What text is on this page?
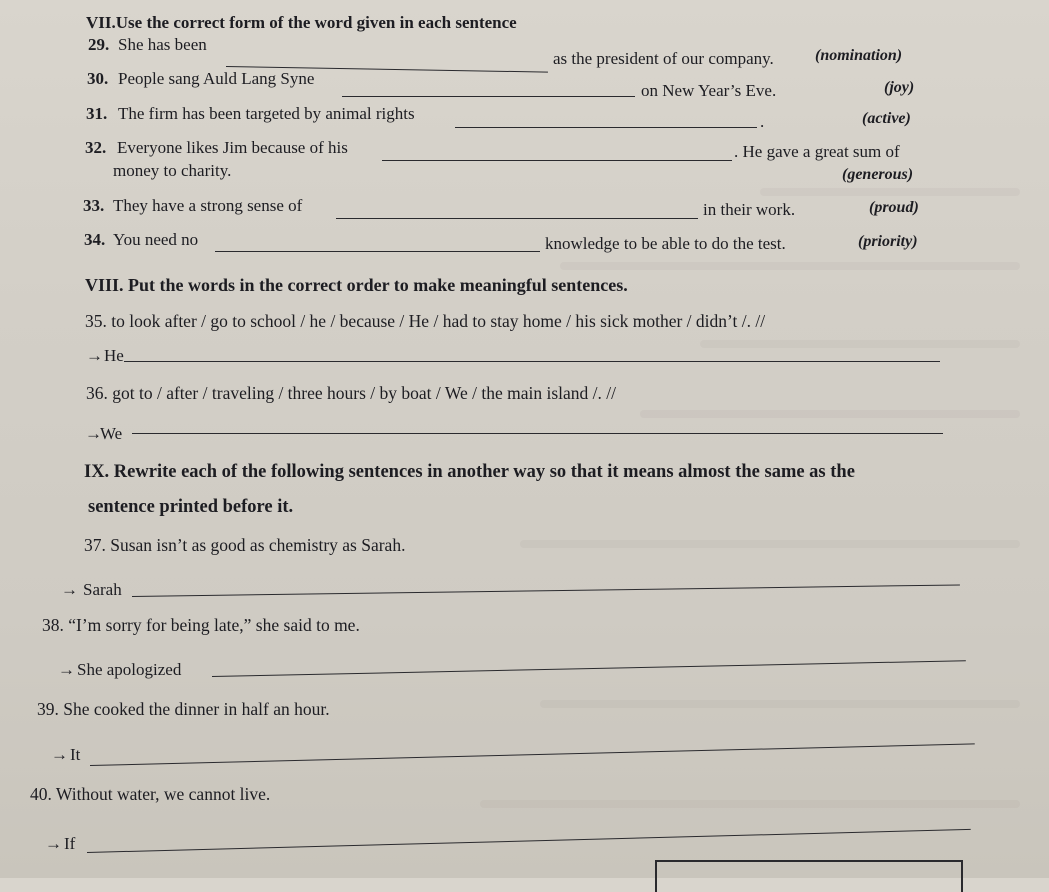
VII.Use the correct form of the word given in each sentence
29. She has been
as the president of our company.	(nomination)
30. People sang Auld Lang Syne
on New Year’s Eve.	(joy)
31. The firm has been targeted by animal rights	.	(active)
32. Everyone likes Jim because of his	. He gave a great sum of
money to charity.	(generous)
33. They have a strong sense of	in their work.	(proud)
34. You need no	knowledge to be able to do the test.	(priority)
VIII. Put the words in the correct order to make meaningful sentences.
35. to look after / go to school / he / because / He / had to stay home / his sick mother / didn’t /. //
→ He
36. got to / after / traveling / three hours / by boat / We / the main island /. //
→
We
IX. Rewrite each of the following sentences in another way so that it means almost the same as the
sentence printed before it.
37. Susan isn’t as good as chemistry as Sarah.
→ Sarah
38. “I’m sorry for being late,” she said to me.
→ She apologized
39. She cooked the dinner in half an hour.
→ It
40. Without water, we cannot live.
→ If
